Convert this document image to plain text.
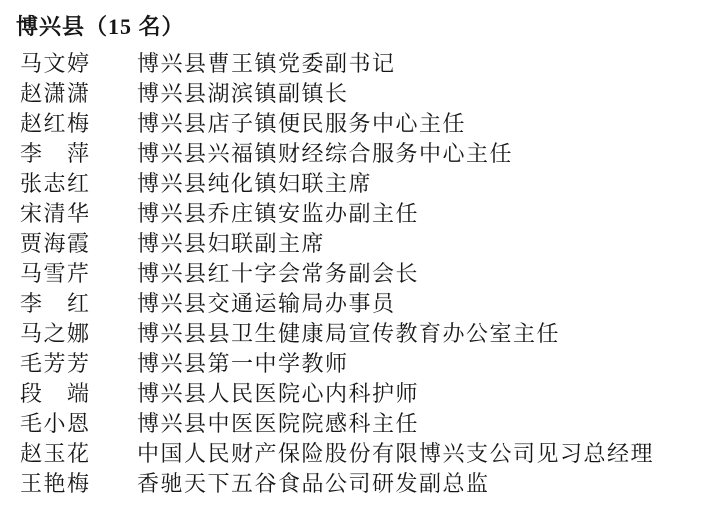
博兴县（15 名）
马文婷	博兴县曹王镇党委副书记
赵潇潇	博兴县湖滨镇副镇长
赵红梅	博兴县店子镇便民服务中心主任
李　萍	博兴县兴福镇财经综合服务中心主任
张志红	博兴县纯化镇妇联主席
宋清华	博兴县乔庄镇安监办副主任
贾海霞	博兴县妇联副主席
马雪芹	博兴县红十字会常务副会长
李　红	博兴县交通运输局办事员
马之娜	博兴县县卫生健康局宣传教育办公室主任
毛芳芳	博兴县第一中学教师
段　端	博兴县人民医院心内科护师
毛小恩	博兴县中医医院院感科主任
赵玉花	中国人民财产保险股份有限博兴支公司见习总经理
王艳梅	香驰天下五谷食品公司研发副总监
